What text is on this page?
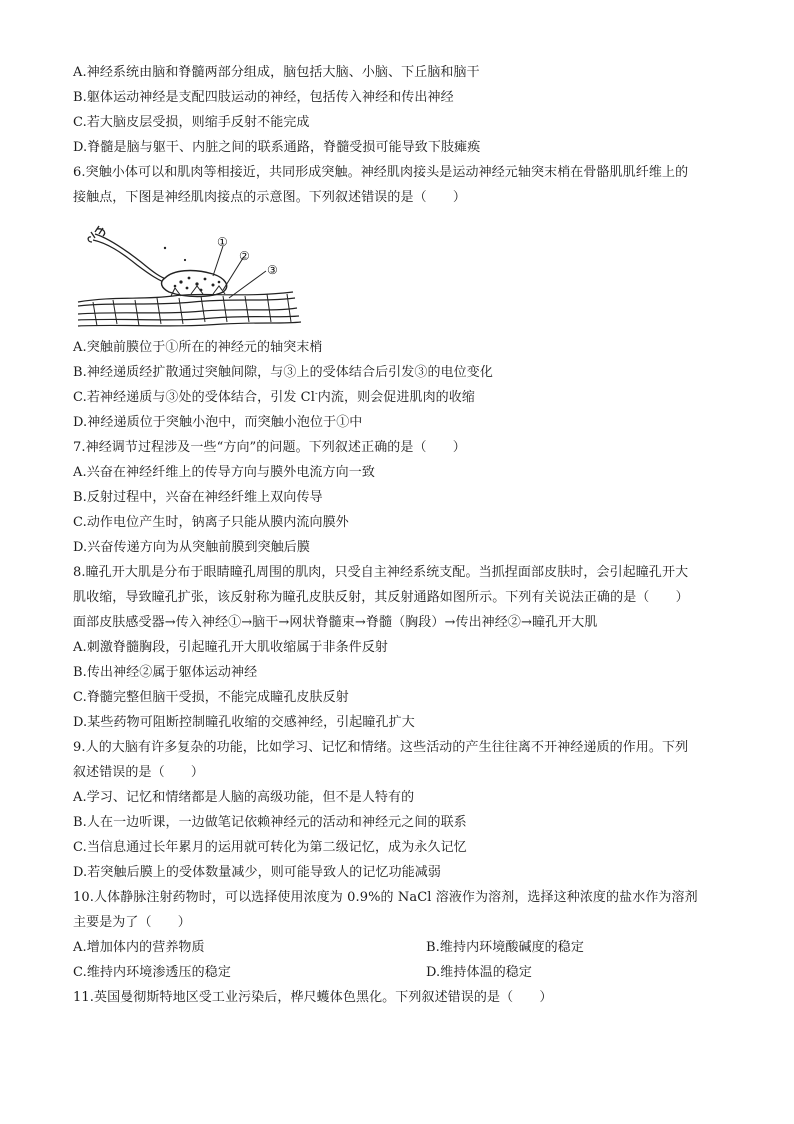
A.神经系统由脑和脊髓两部分组成，脑包括大脑、小脑、下丘脑和脑干
B.躯体运动神经是支配四肢运动的神经，包括传入神经和传出神经
C.若大脑皮层受损，则缩手反射不能完成
D.脊髓是脑与躯干、内脏之间的联系通路，脊髓受损可能导致下肢瘫痪
6.突触小体可以和肌肉等相接近，共同形成突触。神经肌肉接头是运动神经元轴突末梢在骨骼肌肌纤维上的
接触点，下图是神经肌肉接点的示意图。下列叙述错误的是（　　）
①
②
③
A.突触前膜位于①所在的神经元的轴突末梢
B.神经递质经扩散通过突触间隙，与③上的受体结合后引发③的电位变化
C.若神经递质与③处的受体结合，引发 Cl-内流，则会促进肌肉的收缩
D.神经递质位于突触小泡中，而突触小泡位于①中
7.神经调节过程涉及一些“方向”的问题。下列叙述正确的是（　　）
A.兴奋在神经纤维上的传导方向与膜外电流方向一致
B.反射过程中，兴奋在神经纤维上双向传导
C.动作电位产生时，钠离子只能从膜内流向膜外
D.兴奋传递方向为从突触前膜到突触后膜
8.瞳孔开大肌是分布于眼睛瞳孔周围的肌肉，只受自主神经系统支配。当抓捏面部皮肤时，会引起瞳孔开大
肌收缩，导致瞳孔扩张，该反射称为瞳孔皮肤反射，其反射通路如图所示。下列有关说法正确的是（　　）
面部皮肤感受器→传入神经①→脑干→网状脊髓束→脊髓（胸段）→传出神经②→瞳孔开大肌
A.刺激脊髓胸段，引起瞳孔开大肌收缩属于非条件反射
B.传出神经②属于躯体运动神经
C.脊髓完整但脑干受损，不能完成瞳孔皮肤反射
D.某些药物可阻断控制瞳孔收缩的交感神经，引起瞳孔扩大
9.人的大脑有许多复杂的功能，比如学习、记忆和情绪。这些活动的产生往往离不开神经递质的作用。下列
叙述错误的是（　　）
A.学习、记忆和情绪都是人脑的高级功能，但不是人特有的
B.人在一边听课，一边做笔记依赖神经元的活动和神经元之间的联系
C.当信息通过长年累月的运用就可转化为第二级记忆，成为永久记忆
D.若突触后膜上的受体数量减少，则可能导致人的记忆功能减弱
10.人体静脉注射药物时，可以选择使用浓度为 0.9%的 NaCl 溶液作为溶剂，选择这种浓度的盐水作为溶剂
主要是为了（　　）
A.增加体内的营养物质	B.维持内环境酸碱度的稳定
C.维持内环境渗透压的稳定	D.维持体温的稳定
11.英国曼彻斯特地区受工业污染后，桦尺蠖体色黑化。下列叙述错误的是（　　）
